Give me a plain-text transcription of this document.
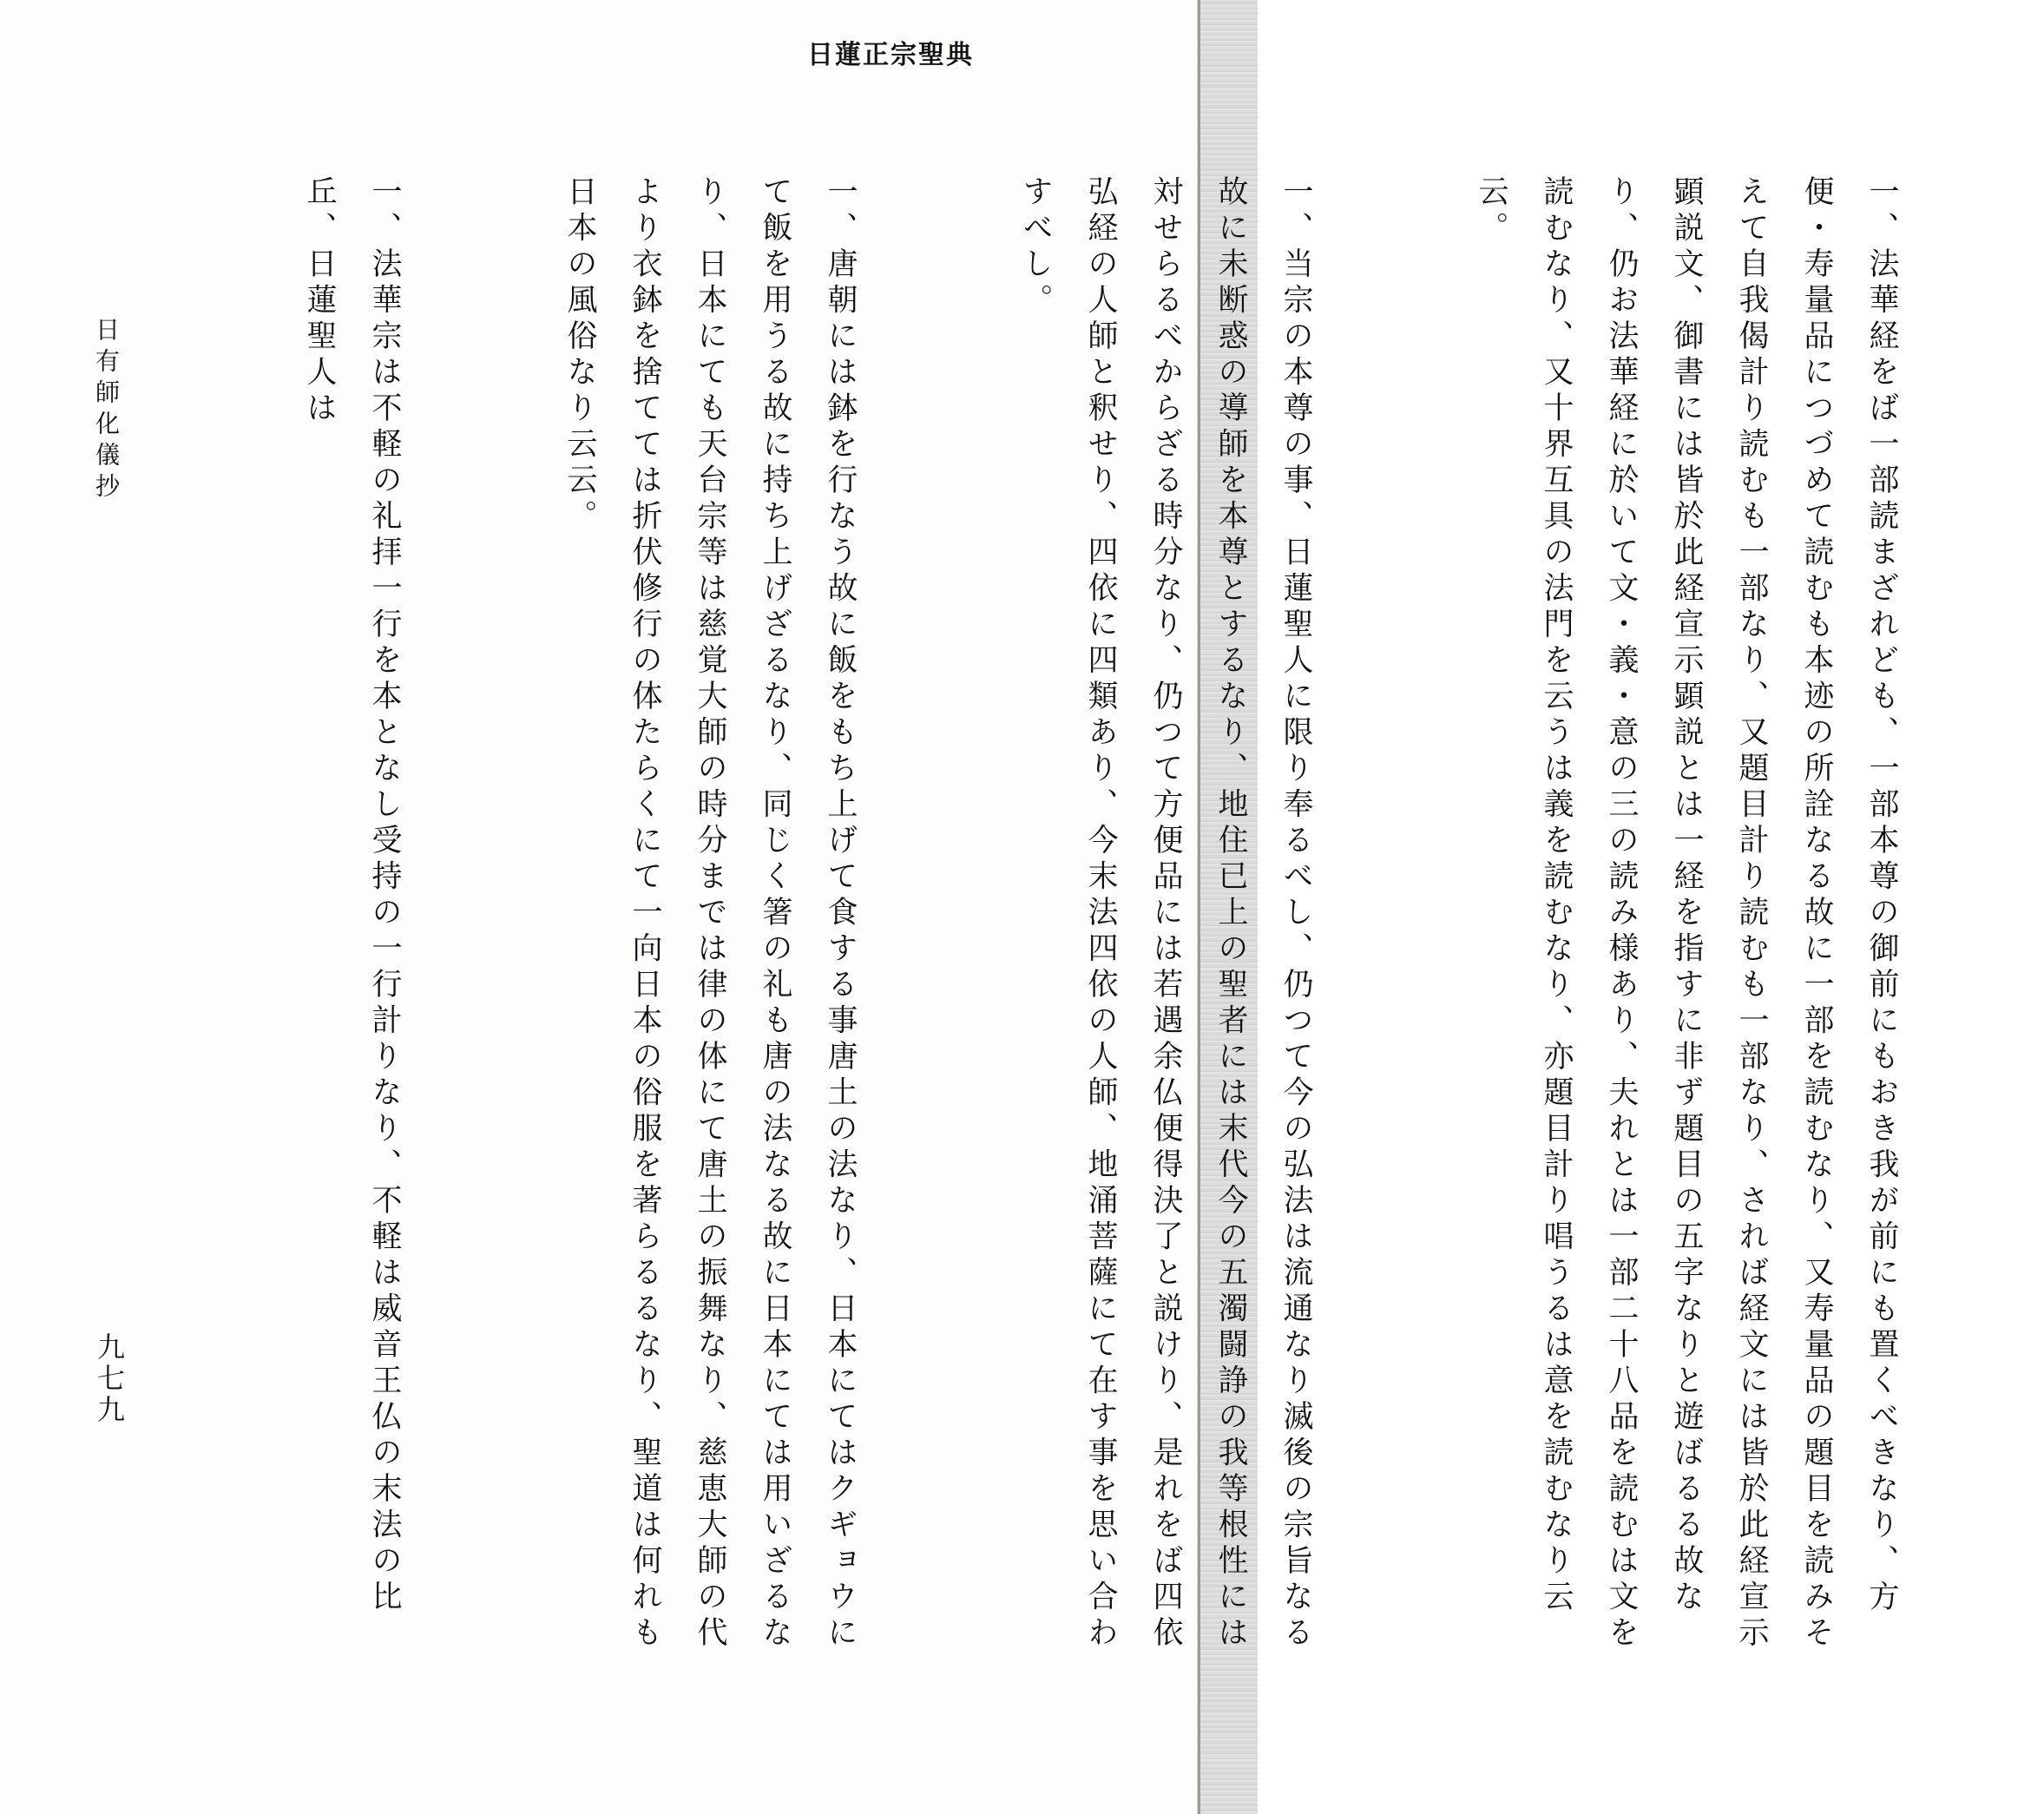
日蓮正宗聖典

一、法華経をば一部読まざれども、一部本尊の御前にもおき我が前にも置くべきなり、方便・寿量品につづめて読むも本迹の所詮なる故に一部を読むなり、又寿量品の題目を読みそえて自我偈計り読むも一部なり、又題目計り読むも一部なり、されば経文には皆於此経宣示顕説文、御書には皆於此経宣示顕説とは一経を指すに非ず題目の五字なりと遊ばるる故なり、仍お法華経に於いて文・義・意の三の読み様あり、夫れとは一部二十八品を読むは文を読むなり、又十界互具の法門を云うは義を読むなり、亦題目計り唱うるは意を読むなり云云。

一、当宗の本尊の事、日蓮聖人に限り奉るべし、仍つて今の弘法は流通なり滅後の宗旨なる故に未断惑の導師を本尊とするなり、地住已上の聖者には末代今の五濁闘諍の我等根性には対せらるべからざる時分なり、仍つて方便品には若遇余仏便得決了と説けり、是れをば四依弘経の人師と釈せり、四依に四類あり、今末法四依の人師、地涌菩薩にて在す事を思い合わすべし。

一、唐朝には鉢を行なう故に飯をもち上げて食する事唐土の法なり、日本にてはクギョウにて飯を用うる故に持ち上げざるなり、同じく箸の礼も唐の法なる故に日本にては用いざるなり、日本にても天台宗等は慈覚大師の時分までは律の体にて唐土の振舞なり、慈恵大師の代より衣鉢を捨てては折伏修行の体たらくにて一向日本の俗服を著らるるなり、聖道は何れも日本の風俗なり云云。

一、法華宗は不軽の礼拝一行を本となし受持の一行計りなり、不軽は威音王仏の末法の比丘、日蓮聖人は

日有師化儀抄
九七九
